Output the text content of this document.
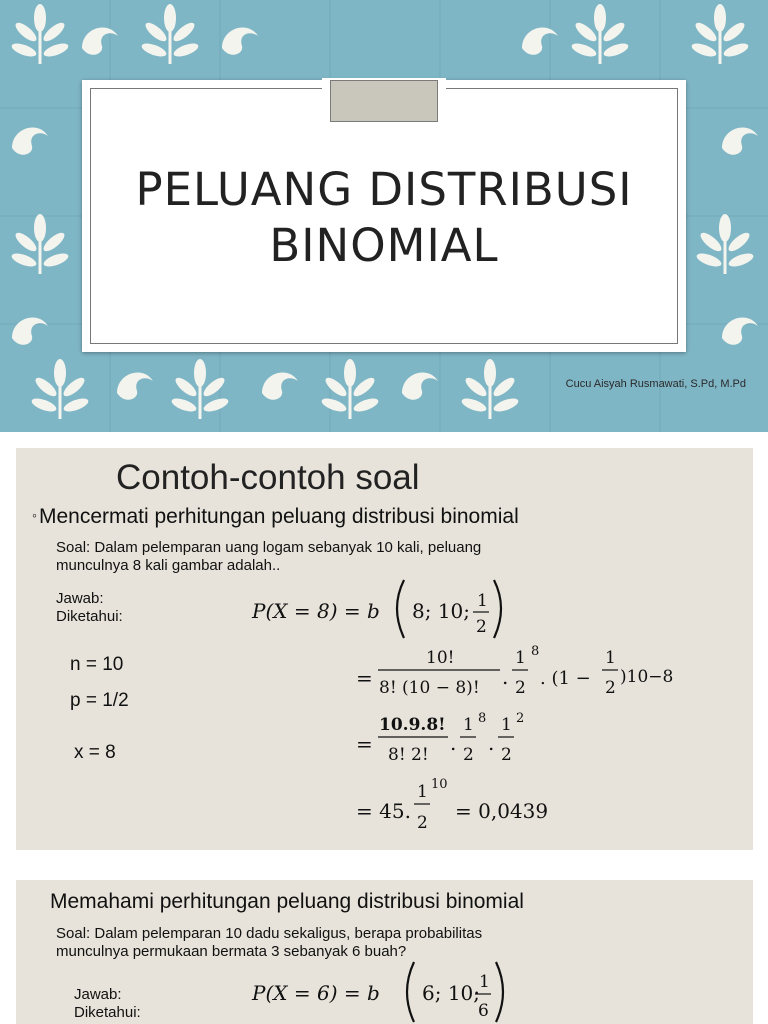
PELUANG DISTRIBUSI
BINOMIAL
Cucu Aisyah Rusmawati, S.Pd, M.Pd
Contoh-contoh soal
◦Mencermati perhitungan peluang distribusi binomial
Soal: Dalam pelemparan uang logam sebanyak 10 kali, peluang
munculnya 8 kali gambar adalah..
Jawab:
Diketahui:
n = 10
p = 1/2
x = 8
P(X = 8) = b 8; 10; 1
2
=
10!
8! (10 − 8)! .
1
2
8
. (1 −
1
2
)10−8
=
10.9.8!
8! 2! .
1
2
8
.
1
2
2
= 45.
1
2
10
= 0,0439
Memahami perhitungan peluang distribusi binomial
Soal: Dalam pelemparan 10 dadu sekaligus, berapa probabilitas
munculnya permukaan bermata 3 sebanyak 6 buah?
Jawab:
Diketahui:
P(X = 6) = b 6; 10;
1
6
